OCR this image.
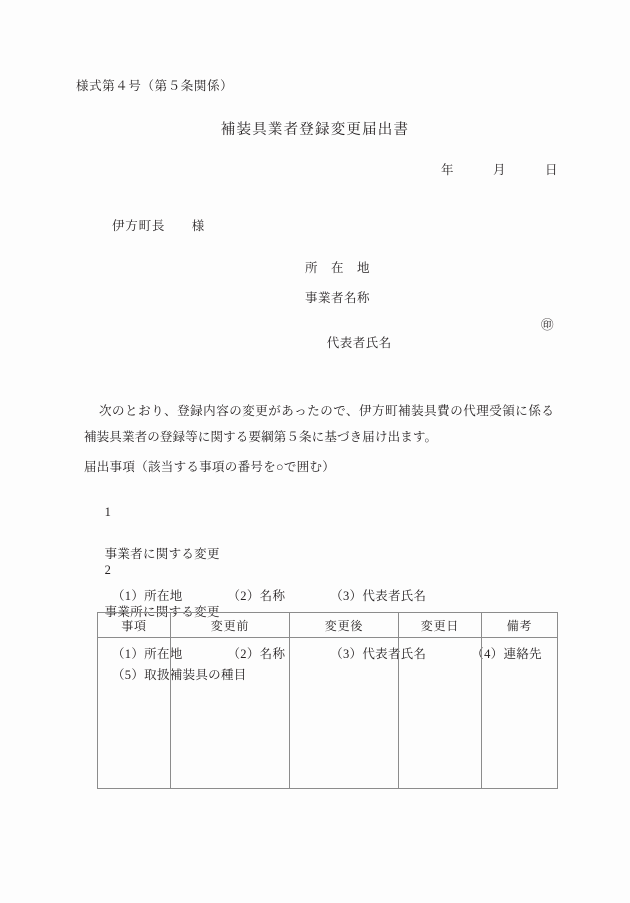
様式第４号（第５条関係）
補装具業者登録変更届出書
年　　　月　　　日
伊方町長　　様
所　在　地
事業者名称

代表者氏名

㊞

次のとおり、登録内容の変更があったので、伊方町補装具費の代理受領に係る補装具業者の登録等に関する要綱第５条に基づき届け出ます。
届出事項（該当する事項の番号を○で囲む）

1

事業者に関する変更

（1）所在地　　　　（2）名称　　　　（3）代表者氏名

2

事業所に関する変更

（1）所在地　　　　（2）名称　　　　（3）代表者氏名　　　　（4）連絡先
（5）取扱補装具の種目
事項	変更前	変更後	変更日	備考
